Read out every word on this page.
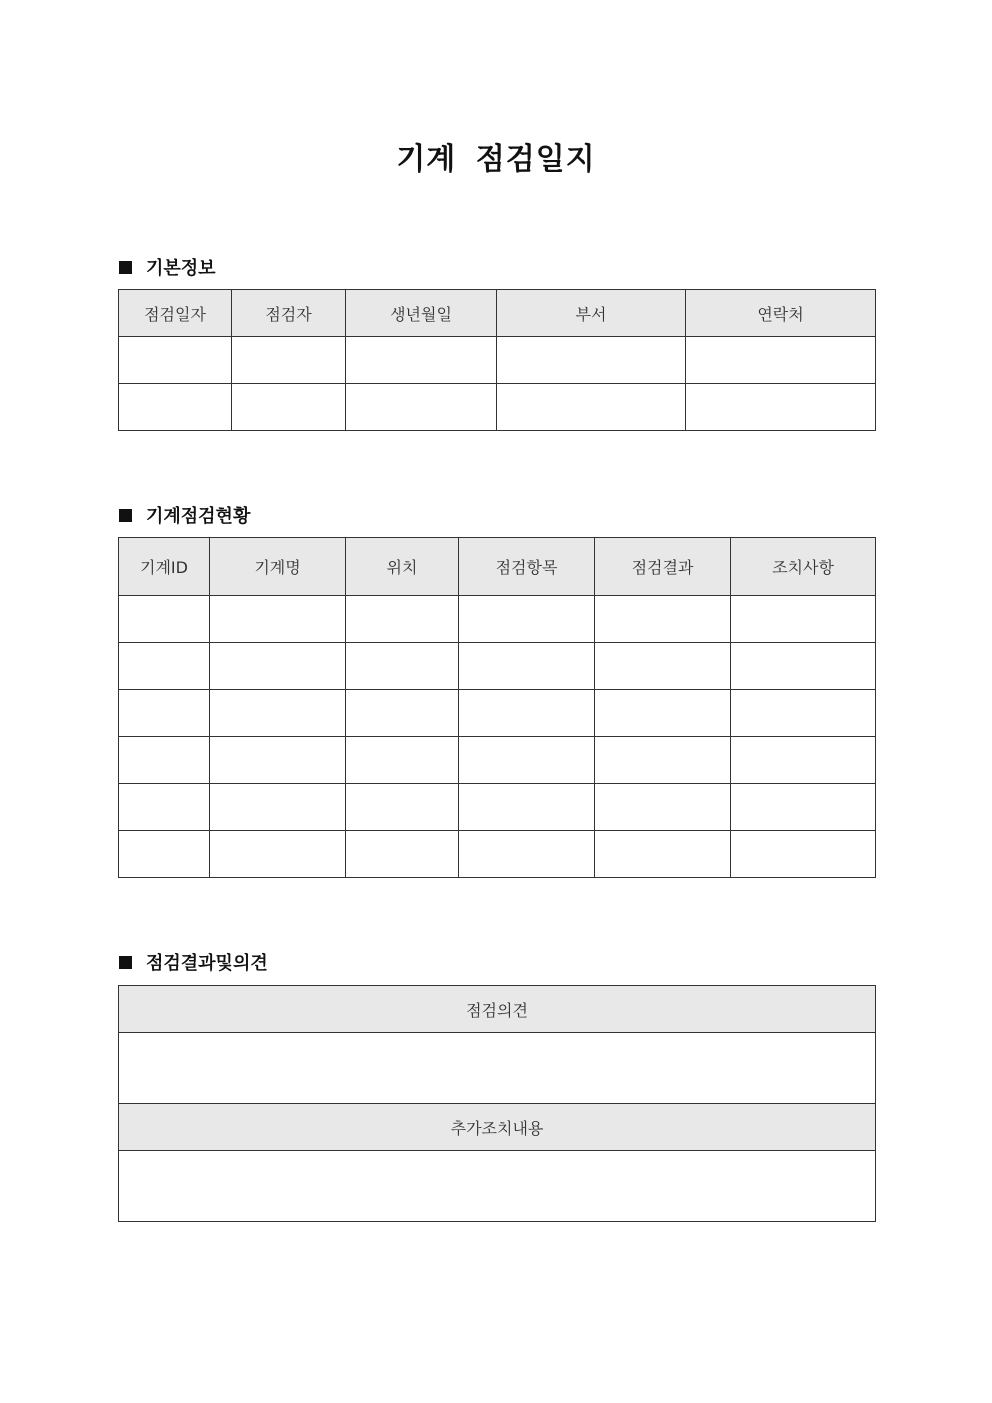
기계 점검일지
기본정보
점검일자	점검자	생년월일	부서	연락처

기계점검현황
기계ID	기계명	위치	점검항목	점검결과	조치사항

점검결과및의견
점검의견

추가조치내용
